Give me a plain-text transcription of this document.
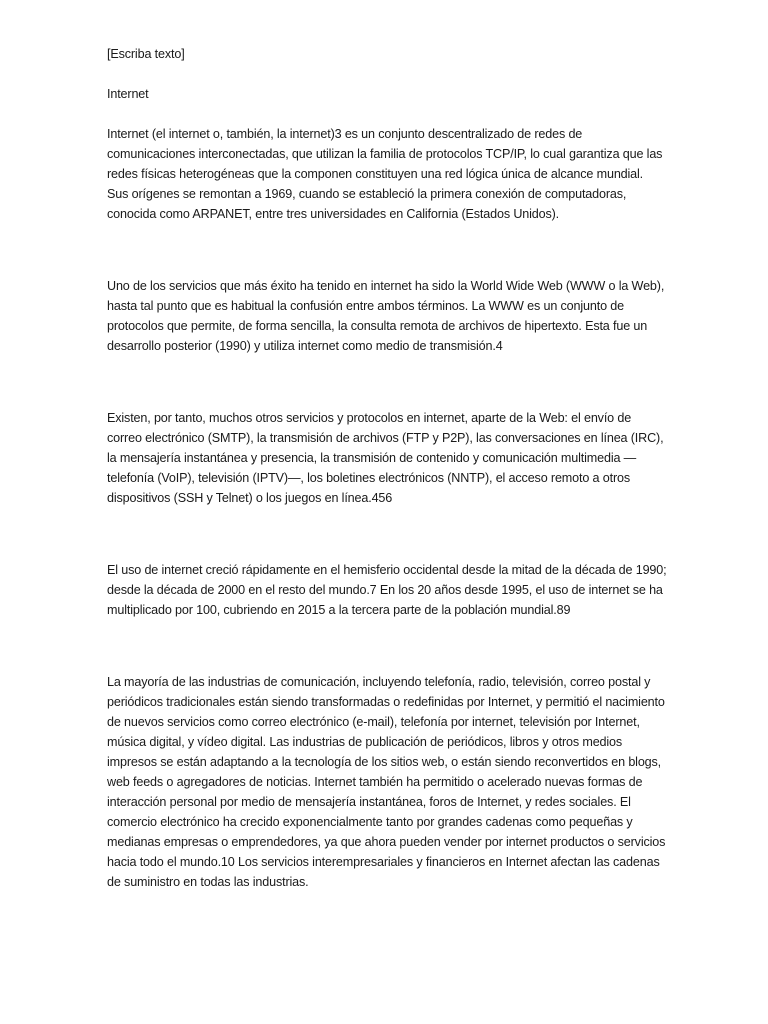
[Escriba texto]

Internet

Internet (el internet o, también, la internet)3 es un conjunto descentralizado de redes de comunicaciones interconectadas, que utilizan la familia de protocolos TCP/IP, lo cual garantiza que las redes físicas heterogéneas que la componen constituyen una red lógica única de alcance mundial. Sus orígenes se remontan a 1969, cuando se estableció la primera conexión de computadoras, conocida como ARPANET, entre tres universidades en California (Estados Unidos).

Uno de los servicios que más éxito ha tenido en internet ha sido la World Wide Web (WWW o la Web), hasta tal punto que es habitual la confusión entre ambos términos. La WWW es un conjunto de protocolos que permite, de forma sencilla, la consulta remota de archivos de hipertexto. Esta fue un desarrollo posterior (1990) y utiliza internet como medio de transmisión.4

Existen, por tanto, muchos otros servicios y protocolos en internet, aparte de la Web: el envío de correo electrónico (SMTP), la transmisión de archivos (FTP y P2P), las conversaciones en línea (IRC), la mensajería instantánea y presencia, la transmisión de contenido y comunicación multimedia —telefonía (VoIP), televisión (IPTV)—, los boletines electrónicos (NNTP), el acceso remoto a otros dispositivos (SSH y Telnet) o los juegos en línea.456

El uso de internet creció rápidamente en el hemisferio occidental desde la mitad de la década de 1990; desde la década de 2000 en el resto del mundo.7 En los 20 años desde 1995, el uso de internet se ha multiplicado por 100, cubriendo en 2015 a la tercera parte de la población mundial.89

La mayoría de las industrias de comunicación, incluyendo telefonía, radio, televisión, correo postal y periódicos tradicionales están siendo transformadas o redefinidas por Internet, y permitió el nacimiento de nuevos servicios como correo electrónico (e-mail), telefonía por internet, televisión por Internet, música digital, y vídeo digital. Las industrias de publicación de periódicos, libros y otros medios impresos se están adaptando a la tecnología de los sitios web, o están siendo reconvertidos en blogs, web feeds o agregadores de noticias. Internet también ha permitido o acelerado nuevas formas de interacción personal por medio de mensajería instantánea, foros de Internet, y redes sociales. El comercio electrónico ha crecido exponencialmente tanto por grandes cadenas como pequeñas y medianas empresas o emprendedores, ya que ahora pueden vender por internet productos o servicios hacia todo el mundo.10 Los servicios interempresariales y financieros en Internet afectan las cadenas de suministro en todas las industrias.
